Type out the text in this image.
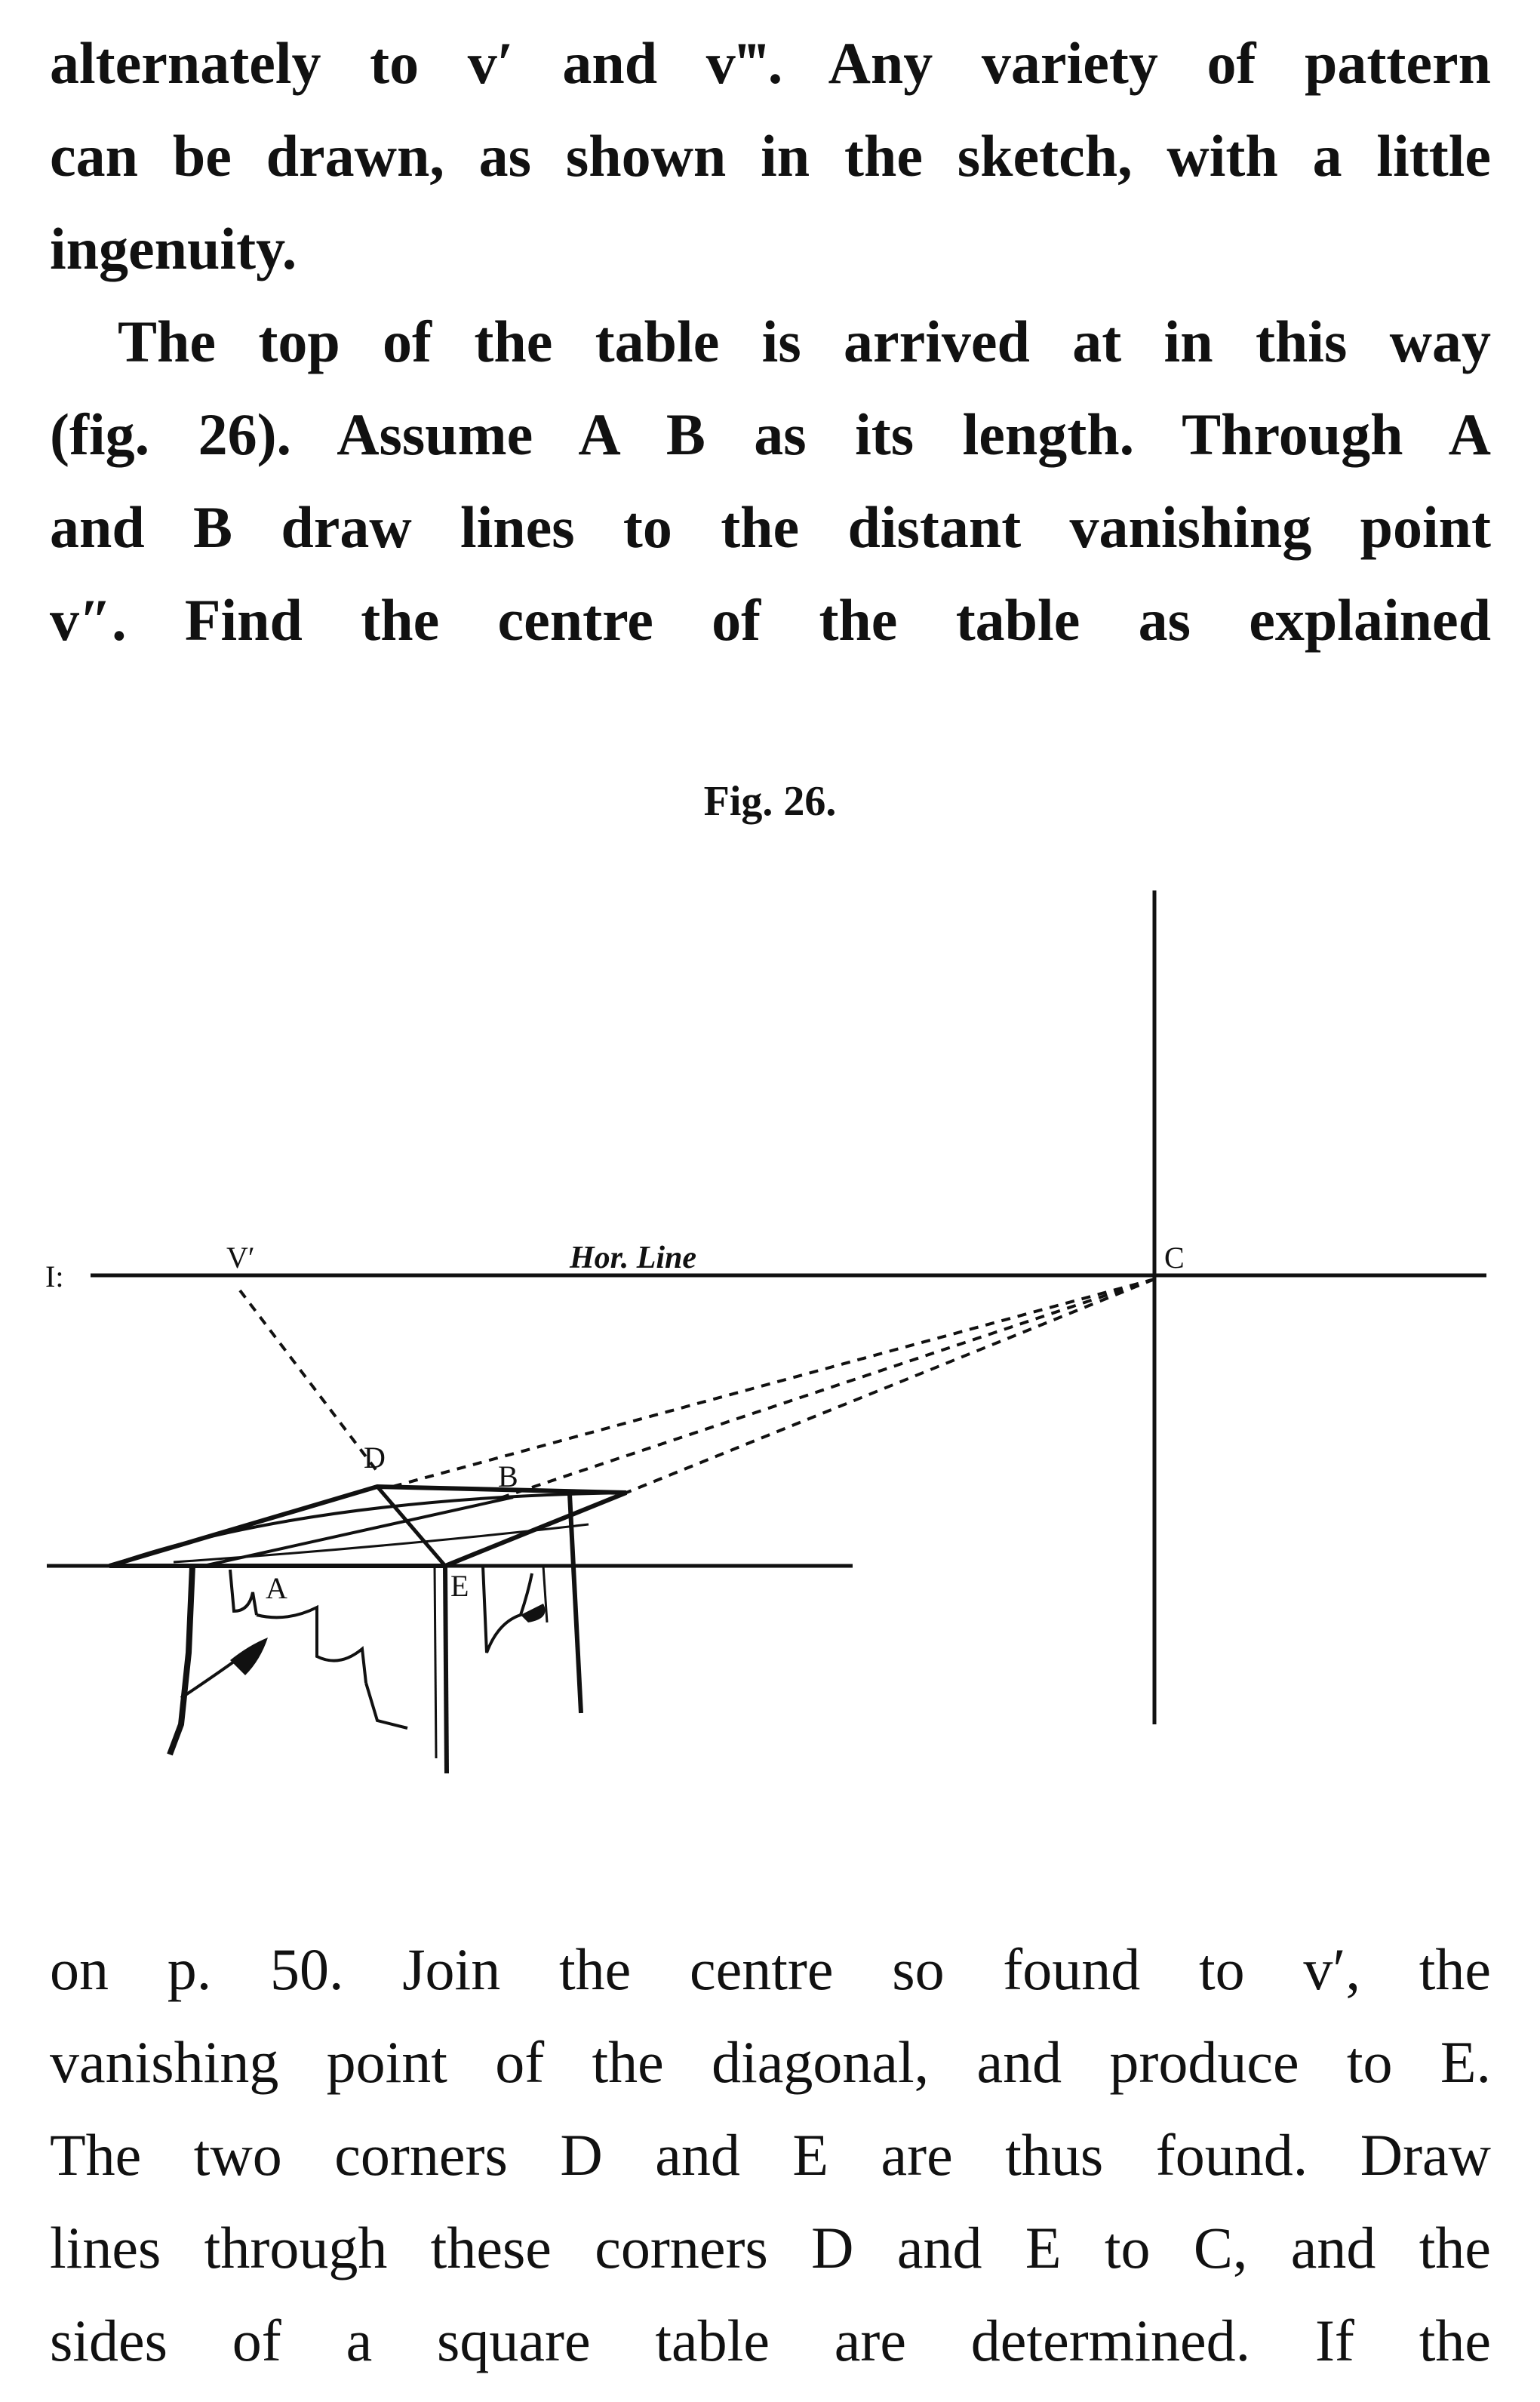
alternately to v′ and v‴. Any variety of pattern
can be drawn, as shown in the sketch, with a little
ingenuity.
The top of the table is arrived at in this way
(fig. 26). Assume A B as its length. Through A
and B draw lines to the distant vanishing point
v″. Find the centre of the table as explained
Fig. 26.
I:
V′	Hor. Line	C
D
B
A	E
on p. 50. Join the centre so found to v′, the
vanishing point of the diagonal, and produce to E.
The two corners D and E are thus found. Draw
lines through these corners D and E to C, and the
sides of a square table are determined. If the
